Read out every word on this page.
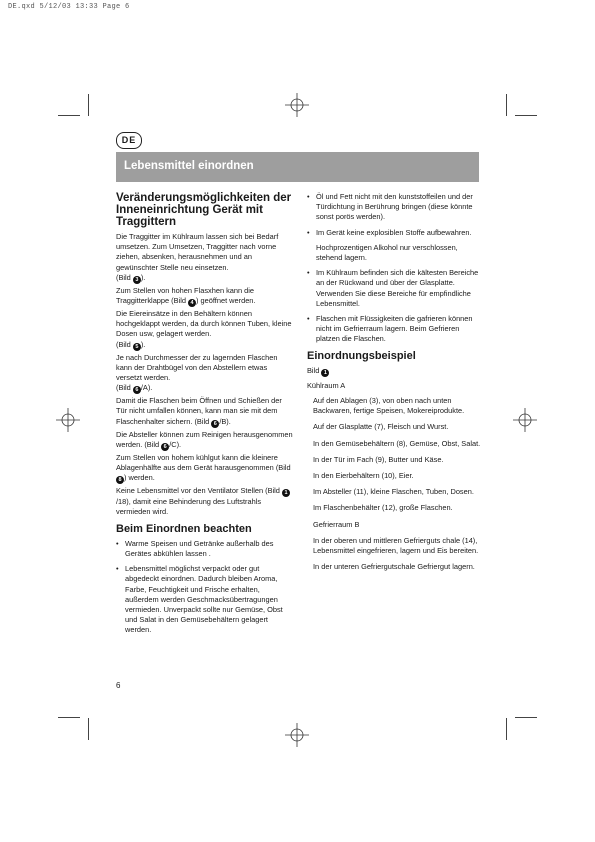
DE.qxd 5/12/03 13:33 Page 6
DE
Lebensmittel einordnen
Veränderungsmöglichkeiten der Inneneinrichtung Gerät mit Traggittern

Die Traggitter im Kühlraum lassen sich bei Bedarf umsetzen. Zum Umsetzen, Traggitter nach vorne ziehen, absenken, herausnehmen und an gewünschter Stelle neu einsetzen.
(Bild 3 ).

Zum Stellen von hohen Flasxhen kann die Traggitterklappe (Bild 4 ) geöffnet werden.

Die Eiereinsätze in den Behältern können hochgeklappt werden, da durch können Tuben, kleine Dosen usw, gelagert werden.
(Bild 5 ).

Je nach Durchmesser der zu lagernden Flaschen kann der Drahtbügel von den Abstellern etwas versetzt werden.
(Bild 6 /A).

Damit die Flaschen beim Öffnen und Schießen der Tür nicht umfallen können, kann man sie mit dem Flaschenhalter sichern. (Bild 6 /B).

Die Absteller können zum Reinigen herausgenommen werden. (Bild 6 /C).

Zum Stellen von hohem kühlgut kann die kleinere Ablagenhälfte aus dem Gerät harausgenommen (Bild 8 ) werden.

Keine Lebensmittel vor den Ventilator Stellen (Bild 1/18), damit eine Behinderung des Luftstrahls vermieden wird.

Beim Einordnen beachten
• Warme Speisen und Getränke außerhalb des Gerätes abkühlen lassen .
• Lebensmittel möglichst verpackt oder gut abgedeckt einordnen. Dadurch bleiben Aroma, Farbe, Feuchtigkeit und Frische erhalten, außerdem werden Geschmacksübertragungen vermieden. Unverpackt sollte nur Gemüse, Obst und Salat in den Gemüsebehältern gelagert werden.
• Öl und Fett nicht mit den kunststoffeilen und der Türdichtung in Berührung bringen (diese könnte sonst porös werden).
• Im Gerät keine explosiblen Stoffe aufbewahren.

Hochprozentigen Alkohol nur verschlossen, stehend lagern.

• Im Kühlraum befinden sich die kältesten Bereiche an der Rückwand und über der Glasplatte. Verwenden Sie diese Bereiche für empfindliche Lebensmittel.
• Flaschen mit Flüssigkeiten die gafrieren können nicht im Gefrierraum lagern. Beim Gefrieren platzen die Flaschen.
Einordnungsbeispiel

Bild 1

Kühlraum A

Auf den Ablagen (3), von oben nach unten Backwaren, fertige Speisen, Mokereiprodukte.

Auf der Glasplatte (7), Fleisch und Wurst.

In den Gemüsebehältern (8), Gemüse, Obst, Salat.

In der Tür im Fach (9), Butter und Käse.

In den Eierbehältern (10), Eier.

Im Absteller (11), kleine Flaschen, Tuben, Dosen.

Im Flaschenbehälter (12), große Flaschen.

Gefrierraum B

In der oberen und mittleren Gefrierguts chale (14), Lebensmittel eingefrieren, lagern und Eis bereiten.

In der unteren Gefriergutschale Gefriergut lagern.

6
